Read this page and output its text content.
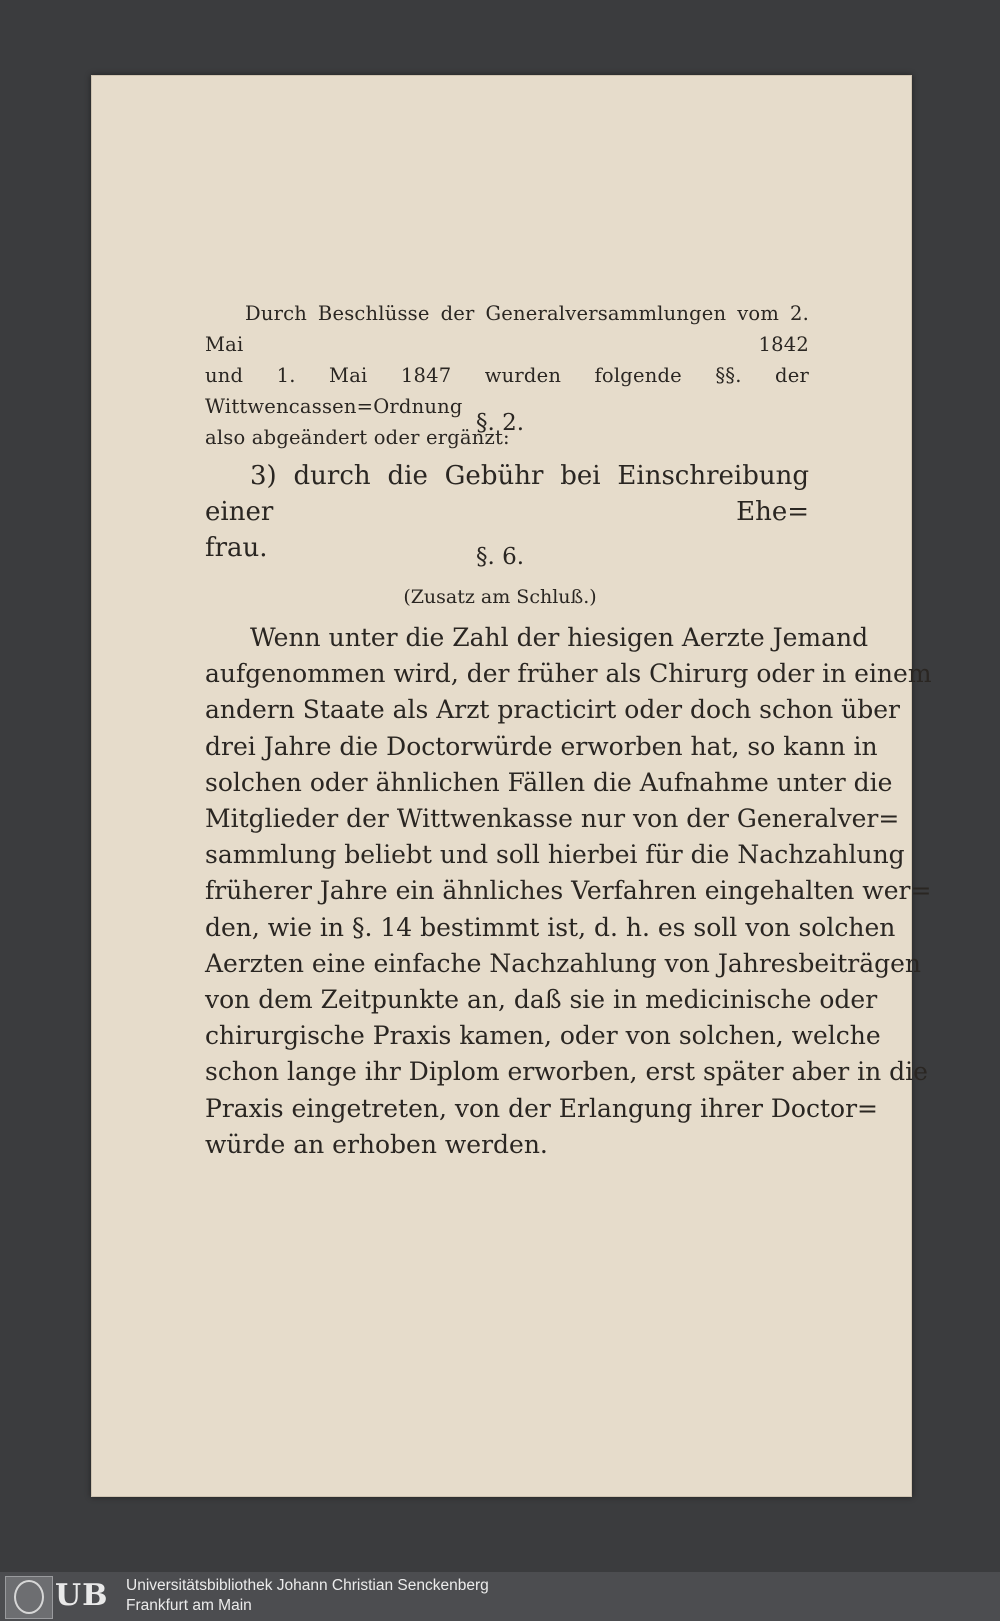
Durch Beschlüsse der Generalversammlungen vom 2. Mai 1842
und 1. Mai 1847 wurden folgende §§. der Wittwencassen=Ordnung
also abgeändert oder ergänzt:
§. 2.
3) durch die Gebühr bei Einschreibung einer Ehe=
frau.	§. 6.
(Zusatz am Schluß.)
Wenn unter die Zahl der hiesigen Aerzte Jemand
aufgenommen wird, der früher als Chirurg oder in einem
andern Staate als Arzt practicirt oder doch schon über
drei Jahre die Doctorwürde erworben hat, so kann in
solchen oder ähnlichen Fällen die Aufnahme unter die
Mitglieder der Wittwenkasse nur von der Generalver=
sammlung beliebt und soll hierbei für die Nachzahlung
früherer Jahre ein ähnliches Verfahren eingehalten wer=
den, wie in §. 14 bestimmt ist, d. h. es soll von solchen
Aerzten eine einfache Nachzahlung von Jahresbeiträgen
von dem Zeitpunkte an, daß sie in medicinische oder
chirurgische Praxis kamen, oder von solchen, welche
schon lange ihr Diplom erworben, erst später aber in die
Praxis eingetreten, von der Erlangung ihrer Doctor=
würde an erhoben werden.
UB Universitätsbibliothek Johann Christian Senckenberg
Frankfurt am Main
